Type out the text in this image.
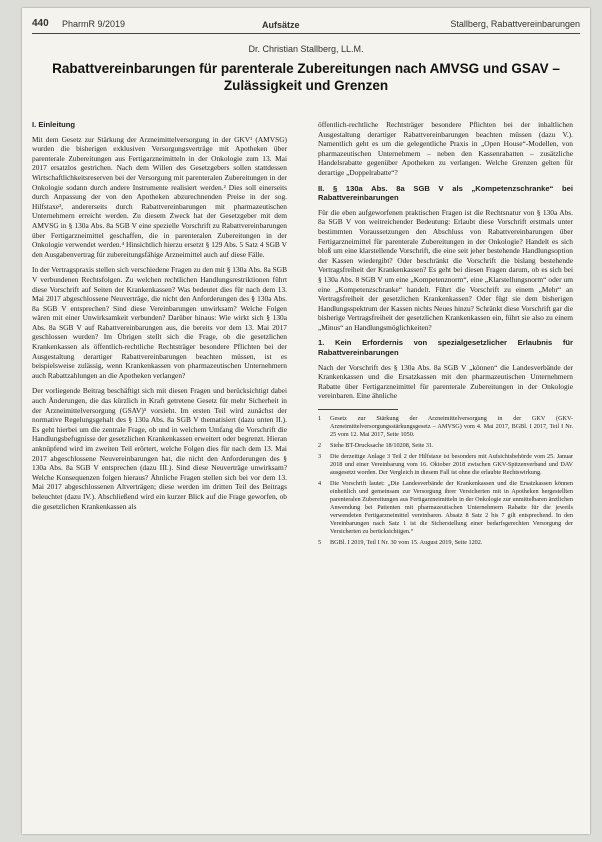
440 PharmR 9/2019	Aufsätze	Stallberg, Rabattvereinbarungen
Dr. Christian Stallberg, LL.M.
Rabattvereinbarungen für parenterale Zubereitungen nach AMVSG und GSAV – Zulässigkeit und Grenzen
I. Einleitung

Mit dem Gesetz zur Stärkung der Arzneimittelversorgung in der GKV¹ (AMVSG) wurden die bisherigen exklusiven Versorgungsverträge mit Apotheken über parenterale Zubereitungen aus Fertigarzneimitteln in der Onkologie zum 13. Mai 2017 ersatzlos gestrichen. Nach dem Willen des Gesetzgebers sollen stattdessen Wirtschaftlichkeitsreserven bei der Versorgung mit parenteralen Zubereitungen in der Onkologie sodann durch andere Instrumente realisiert werden.² Dies soll einerseits durch Anpassung der von den Apotheken abzurechnenden Preise in der sog. Hilfstaxe³, andererseits durch Rabattvereinbarungen mit pharmazeutischen Unternehmern erreicht werden. Zu diesem Zweck hat der Gesetzgeber mit dem AMVSG in § 130a Abs. 8a SGB V eine spezielle Vorschrift zu Rabattvereinbarungen über Fertigarzneimittel geschaffen, die in parenteralen Zubereitungen in der Onkologie verwendet werden.⁴ Hinsichtlich hierzu ersetzt § 129 Abs. 5 Satz 4 SGB V den Ausgabenvertrag für zubereitungsfähige Arzneimittel auch auf diese Fälle.

In der Vertragspraxis stellen sich verschiedene Fragen zu den mit § 130a Abs. 8a SGB V verbundenen Rechtsfolgen. Zu welchen rechtlichen Handlungsrestriktionen führt diese Vorschrift auf Seiten der Krankenkassen? Was bedeutet dies für nach dem 13. Mai 2017 abgeschlossene Neuverträge, die nicht den Anforderungen des § 130a Abs. 8a SGB V entsprechen? Sind diese Vereinbarungen unwirksam? Welche Folgen wären mit einer Unwirksamkeit verbunden? Darüber hinaus: Wie wirkt sich § 130a Abs. 8a SGB V auf Rabattvereinbarungen aus, die bereits vor dem 13. Mai 2017 geschlossen wurden? Im Übrigen stellt sich die Frage, ob die gesetzlichen Krankenkassen als öffentlich-rechtliche Rechtsträger besondere Pflichten bei der Ausgestaltung derartiger Rabattvereinbarungen beachten müssen, ist es beispielsweise zulässig, wenn Krankenkassen von pharmazeutischen Unternehmern auch Rabattzahlungen an die Apotheken verlangen?

Der vorliegende Beitrag beschäftigt sich mit diesen Fragen und berücksichtigt dabei auch Änderungen, die das kürzlich in Kraft getretene Gesetz für mehr Sicherheit in der Arzneimittelversorgung (GSAV)⁵ vorsieht. Im ersten Teil wird zunächst der normative Regelungsgehalt des § 130a Abs. 8a SGB V thematisiert (dazu unten II.). Es geht hierbei um die zentrale Frage, ob und in welchem Umfang die Vorschrift die Handlungsbefugnisse der gesetzlichen Krankenkassen erweitert oder begrenzt. Hieran anknüpfend wird im zweiten Teil erörtert, welche Folgen dies für nach dem 13. Mai 2017 abgeschlossene Neuvereinbarungen hat, die nicht den Anforderungen des § 130a Abs. 8a SGB V entsprechen (dazu III.). Sind diese Neuverträge unwirksam? Welche Konsequenzen folgen hieraus? Ähnliche Fragen stellen sich bei vor dem 13. Mai 2017 abgeschlossenen Altverträgen; diese werden im dritten Teil des Beitrags beleuchtet (dazu IV.). Abschließend wird ein kurzer Blick auf die Frage geworfen, ob die gesetzlichen Krankenkassen als

öffentlich-rechtliche Rechtsträger besondere Pflichten bei der inhaltlichen Ausgestaltung derartiger Rabattvereinbarungen beachten müssen (dazu V.). Namentlich geht es um die gelegentliche Praxis in „Open House“-Modellen, von pharmazeutischen Unternehmern – neben den Kassenrabatten – zusätzliche Handelsrabatte gegenüber Apotheken zu verlangen. Welche Grenzen gelten für derartige „Doppelrabatte“?

II. § 130a Abs. 8a SGB V als „Kompetenzschranke“ bei Rabattvereinbarungen

Für die eben aufgeworfenen praktischen Fragen ist die Rechtsnatur von § 130a Abs. 8a SGB V von weitreichender Bedeutung: Erlaubt diese Vorschrift erstmals unter bestimmten Voraussetzungen den Abschluss von Rabattvereinbarungen über Fertigarzneimittel für parenterale Zubereitungen in der Onkologie? Handelt es sich bloß um eine klarstellende Vorschrift, die eine seit jeher bestehende Handlungsoption der Kassen wiedergibt? Oder beschränkt die Vorschrift die bislang bestehende Vertragsfreiheit der Krankenkassen? Es geht bei diesen Fragen darum, ob es sich bei § 130a Abs. 8 SGB V um eine „Kompetenznorm“, eine „Klarstellungsnorm“ oder um eine „Kompetenzschranke“ handelt. Führt die Vorschrift zu einem „Mehr“ an Vertragsfreiheit der gesetzlichen Krankenkassen? Oder fügt sie dem bisherigen Handlungsspektrum der Kassen nichts Neues hinzu? Schränkt diese Vorschrift gar die bisherige Vertragsfreiheit der gesetzlichen Krankenkassen ein, führt sie also zu einem „Minus“ an Handlungsmöglichkeiten?

1. Kein Erfordernis von spezialgesetzlicher Erlaubnis für Rabattvereinbarungen

Nach der Vorschrift des § 130a Abs. 8a SGB V „können“ die Landesverbände der Krankenkassen und die Ersatzkassen mit den pharmazeutischen Unternehmern Rabatte über Fertigarzneimittel für parenterale Zubereitungen in der Onkologie vereinbaren. Eine ähnliche

1	Gesetz zur Stärkung der Arzneimittelversorgung in der GKV (GKV-Arzneimittelversorgungsstärkungsgesetz – AMVSG) vom 4. Mai 2017, BGBl. I 2017, Teil I Nr. 25 vom 12. Mai 2017, Seite 1050.
2	Siehe BT-Drucksache 18/10208, Seite 31.
3	Die derzeitige Anlage 3 Teil 2 der Hilfstaxe ist besonders mit Aufsichtsbehörde vom 25. Januar 2018 und einer Vereinbarung vom 16. Oktober 2018 zwischen GKV-Spitzenverband und DAV ausgesetzt worden. Der Vergleich in diesem Fall ist ohne die erlaubte Rechtswirkung.
4	Die Vorschrift lautet: „Die Landesverbände der Krankenkassen und die Ersatzkassen können einheitlich und gemeinsam zur Versorgung ihrer Versicherten mit in Apotheken hergestellten parenteralen Zubereitungen aus Fertigarzneimitteln in der Onkologie zur unmittelbaren ärztlichen Anwendung bei Patienten mit pharmazeutischen Unternehmern Rabatte für die jeweils verwendeten Fertigarzneimittel vereinbaren. Absatz 8 Satz 2 bis 7 gilt entsprechend. In den Vereinbarungen nach Satz 1 ist die Sicherstellung einer bedarfsgerechten Versorgung der Versicherten zu berücksichtigen.“
5	BGBl. I 2019, Teil I Nr. 30 vom 15. August 2019, Seite 1202.
